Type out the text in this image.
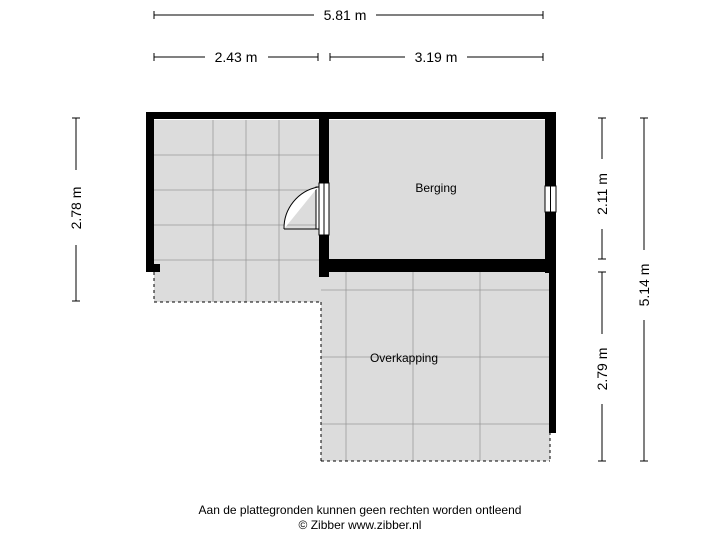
5.81 m
2.43 m	3.19 m
2.78 m	2.11 m
2.79 m
5.14 m
Berging
Overkapping
Aan de plattegronden kunnen geen rechten worden ontleend
© Zibber www.zibber.nl
